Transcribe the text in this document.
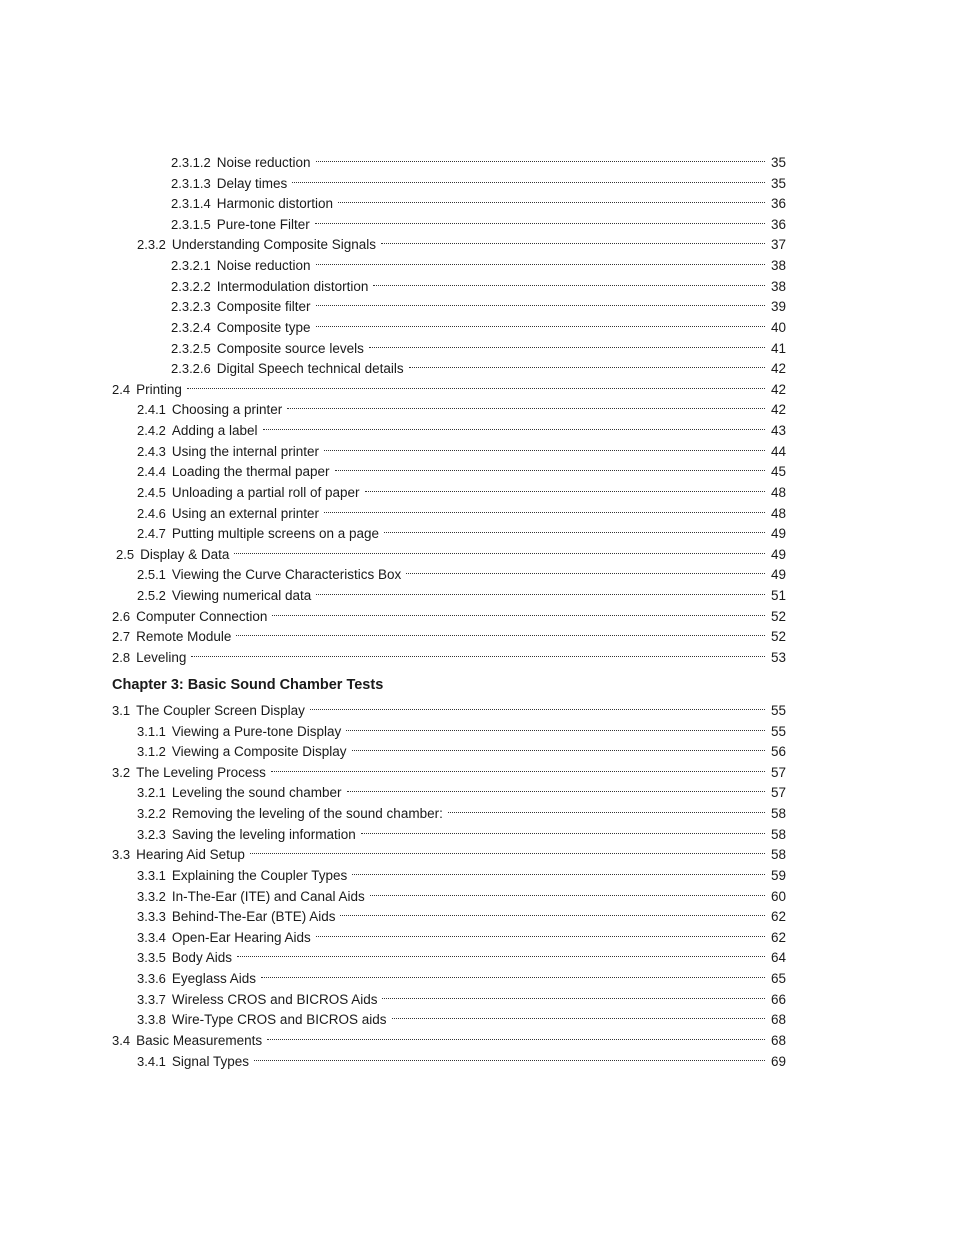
Chapter 3: Basic Sound Chamber Tests
2.3.1.2 Noise reduction	35
2.3.1.3 Delay times	35
2.3.1.4 Harmonic distortion	36
2.3.1.5 Pure-tone Filter	36
2.3.2 Understanding Composite Signals	37
2.3.2.1 Noise reduction	38
2.3.2.2 Intermodulation distortion	38
2.3.2.3 Composite filter	39
2.3.2.4 Composite type	40
2.3.2.5 Composite source levels	41
2.3.2.6 Digital Speech technical details	42
2.4 Printing	42
2.4.1 Choosing a printer	42
2.4.2 Adding a label	43
2.4.3 Using the internal printer	44
2.4.4 Loading the thermal paper	45
2.4.5 Unloading a partial roll of paper	48
2.4.6 Using an external printer	48
2.4.7 Putting multiple screens on a page	49
2.5 Display & Data	49
2.5.1 Viewing the Curve Characteristics Box	49
2.5.2 Viewing numerical data	51
2.6 Computer Connection	52
2.7 Remote Module	52
2.8 Leveling	53
3.1 The Coupler Screen Display	55
3.1.1 Viewing a Pure-tone Display	55
3.1.2 Viewing a Composite Display	56
3.2 The Leveling Process	57
3.2.1 Leveling the sound chamber	57
3.2.2 Removing the leveling of the sound chamber:	58
3.2.3 Saving the leveling information	58
3.3 Hearing Aid Setup	58
3.3.1 Explaining the Coupler Types	59
3.3.2 In-The-Ear (ITE) and Canal Aids	60
3.3.3 Behind-The-Ear (BTE) Aids	62
3.3.4 Open-Ear Hearing Aids	62
3.3.5 Body Aids	64
3.3.6 Eyeglass Aids	65
3.3.7 Wireless CROS and BICROS Aids	66
3.3.8 Wire-Type CROS and BICROS aids	68
3.4 Basic Measurements	68
3.4.1 Signal Types	69
